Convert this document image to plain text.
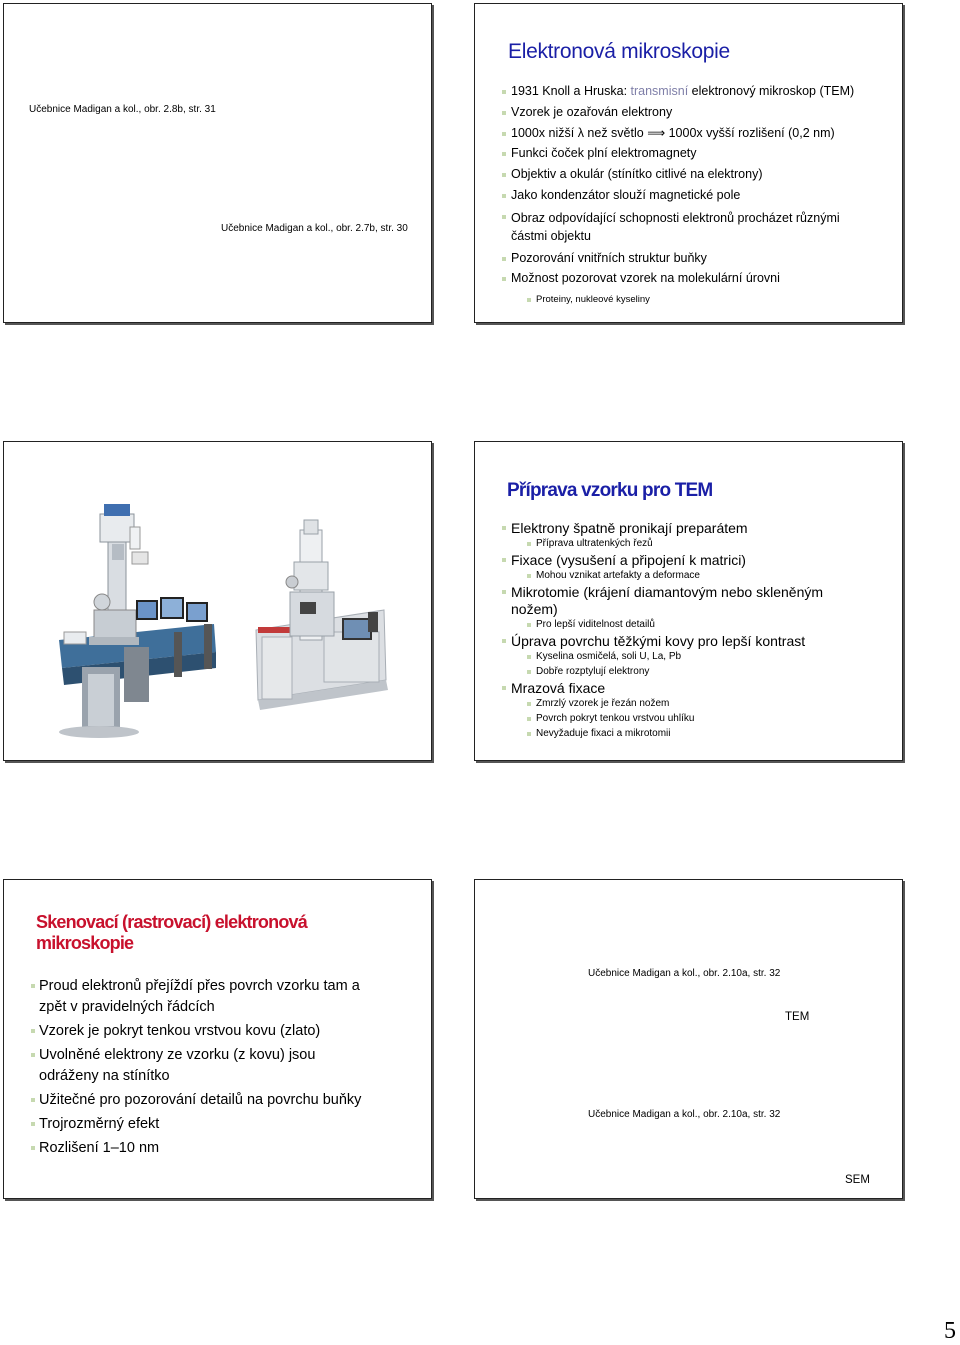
Učebnice Madigan a kol., obr. 2.8b, str. 31
Učebnice Madigan a kol., obr. 2.7b, str. 30
Elektronová mikroskopie
1931 Knoll a Hruska: transmisní elektronový mikroskop (TEM)
Vzorek je ozařován elektrony
1000x nižší λ než světlo ⟹ 1000x vyšší rozlišení (0,2 nm)
Funkci čoček plní elektromagnety
Objektiv a okulár (stínítko citlivé na elektrony)
Jako kondenzátor slouží magnetické pole
Obraz odpovídající schopnosti elektronů procházet různými částmi objektu
Pozorování vnitřních struktur buňky
Možnost pozorovat vzorek na molekulární úrovni
Proteiny, nukleové kyseliny
Příprava vzorku pro TEM
Elektrony špatně pronikají preparátem
Příprava ultratenkých řezů
Fixace (vysušení a připojení k matrici)
Mohou vznikat artefakty a deformace
Mikrotomie (krájení diamantovým nebo skleněným nožem)
Pro lepší viditelnost detailů
Úprava povrchu těžkými kovy pro lepší kontrast
Kyselina osmičelá, soli U, La, Pb
Dobře rozptylují elektrony
Mrazová fixace
Zmrzlý vzorek je řezán nožem
Povrch pokryt tenkou vrstvou uhlíku
Nevyžaduje fixaci a mikrotomii
Skenovací (rastrovací) elektronová mikroskopie
Proud elektronů přejíždí přes povrch vzorku tam a zpět v pravidelných řádcích
Vzorek je pokryt tenkou vrstvou kovu (zlato)
Uvolněné elektrony ze vzorku (z kovu) jsou odráženy na stínítko
Užitečné pro pozorování detailů na povrchu buňky
Trojrozměrný efekt
Rozlišení 1–10 nm
Učebnice Madigan a kol., obr. 2.10a, str. 32
TEM
Učebnice Madigan a kol., obr. 2.10a, str. 32
SEM
5
